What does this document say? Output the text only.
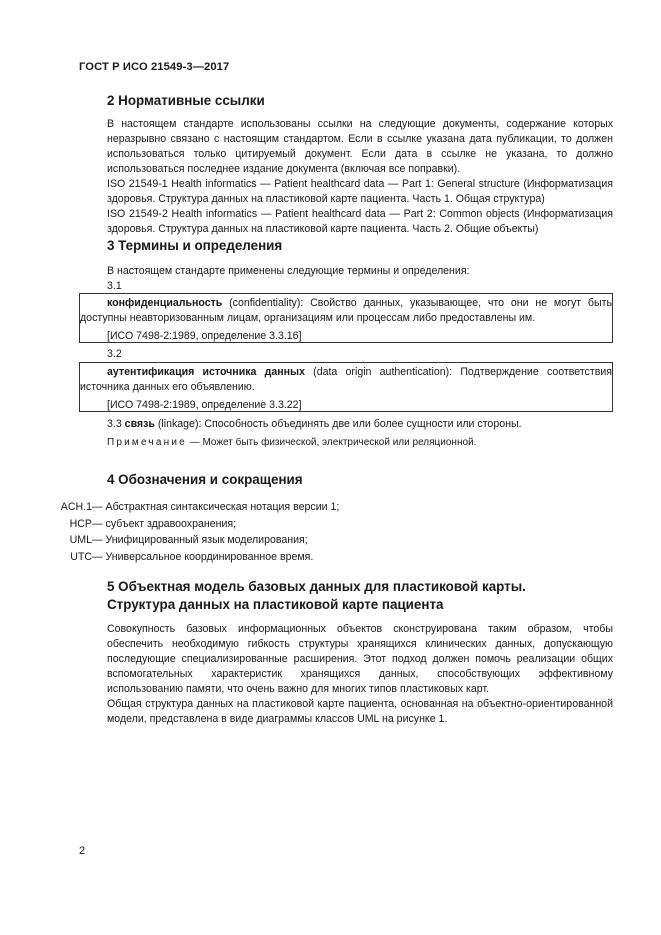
ГОСТ Р ИСО 21549-3—2017
2 Нормативные ссылки
В настоящем стандарте использованы ссылки на следующие документы, содержание которых неразрывно связано с настоящим стандартом. Если в ссылке указана дата публикации, то должен использоваться только цитируемый документ. Если дата в ссылке не указана, то должно использоваться последнее издание документа (включая все поправки).
ISO 21549-1 Health informatics — Patient healthcard data — Part 1: General structure (Информатизация здоровья. Структура данных на пластиковой карте пациента. Часть 1. Общая структура)
ISO 21549-2 Health informatics — Patient healthcard data — Part 2: Common objects (Информатизация здоровья. Структура данных на пластиковой карте пациента. Часть 2. Общие объекты)
3 Термины и определения
В настоящем стандарте применены следующие термины и определения:
3.1
конфиденциальность (confidentiality): Свойство данных, указывающее, что они не могут быть доступны неавторизованным лицам, организациям или процессам либо предоставлены им.
[ИСО 7498-2:1989, определение 3.3.16]
3.2
аутентификация источника данных (data origin authentication): Подтверждение соответствия источника данных его объявлению.
[ИСО 7498-2:1989, определение 3.3.22]
3.3 связь (linkage): Способность объединять две или более сущности или стороны.
Примечание — Может быть физической, электрической или реляционной.
4 Обозначения и сокращения
ACH.1 — Абстрактная синтаксическая нотация версии 1;
HCP — субъект здравоохранения;
UML — Унифицированный язык моделирования;
UTC — Универсальное координированное время.
5 Объектная модель базовых данных для пластиковой карты.
Структура данных на пластиковой карте пациента
Совокупность базовых информационных объектов сконструирована таким образом, чтобы обеспечить необходимую гибкость структуры хранящихся клинических данных, допускающую последующие специализированные расширения. Этот подход должен помочь реализации общих вспомогательных характеристик хранящихся данных, способствующих эффективному использованию памяти, что очень важно для многих типов пластиковых карт.
Общая структура данных на пластиковой карте пациента, основанная на объектно-ориентированной модели, представлена в виде диаграммы классов UML на рисунке 1.
2
